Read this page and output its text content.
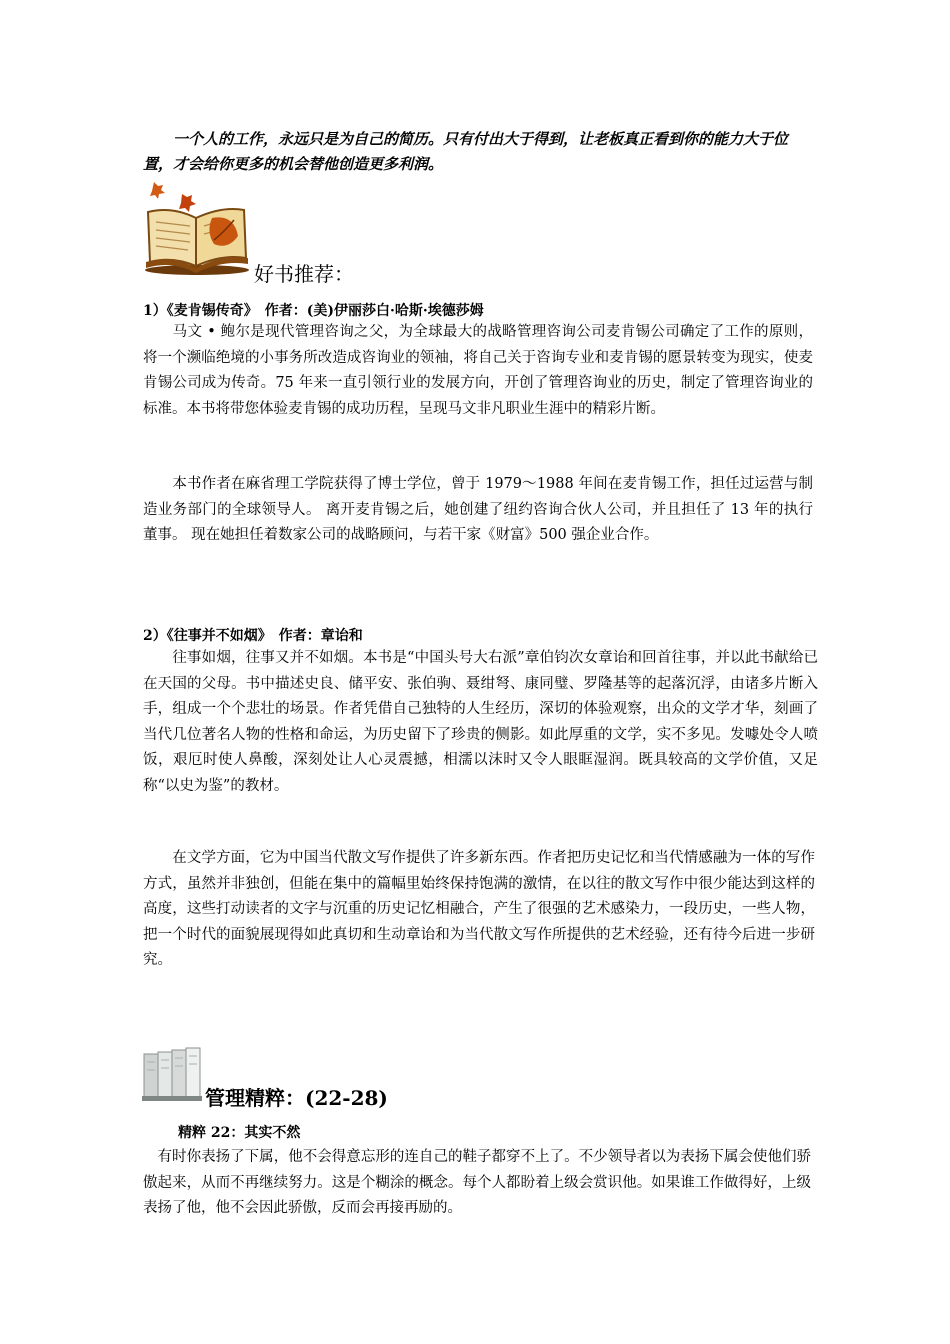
　　一个人的工作，永远只是为自己的简历。只有付出大于得到，让老板真正看到你的能力大于位置，才会给你更多的机会替他创造更多利润。
好书推荐：
1）《麦肯锡传奇》　作者：(美)伊丽莎白·哈斯·埃德莎姆
　　马文 • 鲍尔是现代管理咨询之父，为全球最大的战略管理咨询公司麦肯锡公司确定了工作的原则，将一个濒临绝境的小事务所改造成咨询业的领袖，将自己关于咨询专业和麦肯锡的愿景转变为现实，使麦肯锡公司成为传奇。75 年来一直引领行业的发展方向，开创了管理咨询业的历史，制定了管理咨询业的标准。本书将带您体验麦肯锡的成功历程，呈现马文非凡职业生涯中的精彩片断。
　　本书作者在麻省理工学院获得了博士学位，曾于 1979～1988 年间在麦肯锡工作，担任过运营与制造业务部门的全球领导人。 离开麦肯锡之后，她创建了纽约咨询合伙人公司，并且担任了 13 年的执行董事。 现在她担任着数家公司的战略顾问，与若干家《财富》500 强企业合作。
2）《往事并不如烟》　作者：章诒和
　　往事如烟，往事又并不如烟。本书是“中国头号大右派”章伯钧次女章诒和回首往事，并以此书献给已在天国的父母。书中描述史良、储平安、张伯驹、聂绀弩、康同璧、罗隆基等的起落沉浮，由诸多片断入手，组成一个个悲壮的场景。作者凭借自己独特的人生经历，深切的体验观察，出众的文学才华，刻画了当代几位著名人物的性格和命运，为历史留下了珍贵的侧影。如此厚重的文学，实不多见。发噱处令人喷饭，艰厄时使人鼻酸，深刻处让人心灵震撼，相濡以沫时又令人眼眶湿润。既具较高的文学价值，又足称“以史为鉴”的教材。
　　在文学方面，它为中国当代散文写作提供了许多新东西。作者把历史记忆和当代情感融为一体的写作方式，虽然并非独创，但能在集中的篇幅里始终保持饱满的激情，在以往的散文写作中很少能达到这样的高度，这些打动读者的文字与沉重的历史记忆相融合，产生了很强的艺术感染力，一段历史，一些人物，把一个时代的面貌展现得如此真切和生动章诒和为当代散文写作所提供的艺术经验，还有待今后进一步研究。
管理精粹：(22-28)
精粹 22：其实不然
　有时你表扬了下属，他不会得意忘形的连自己的鞋子都穿不上了。不少领导者以为表扬下属会使他们骄傲起来，从而不再继续努力。这是个糊涂的概念。每个人都盼着上级会赏识他。如果谁工作做得好，上级表扬了他，他不会因此骄傲，反而会再接再励的。
